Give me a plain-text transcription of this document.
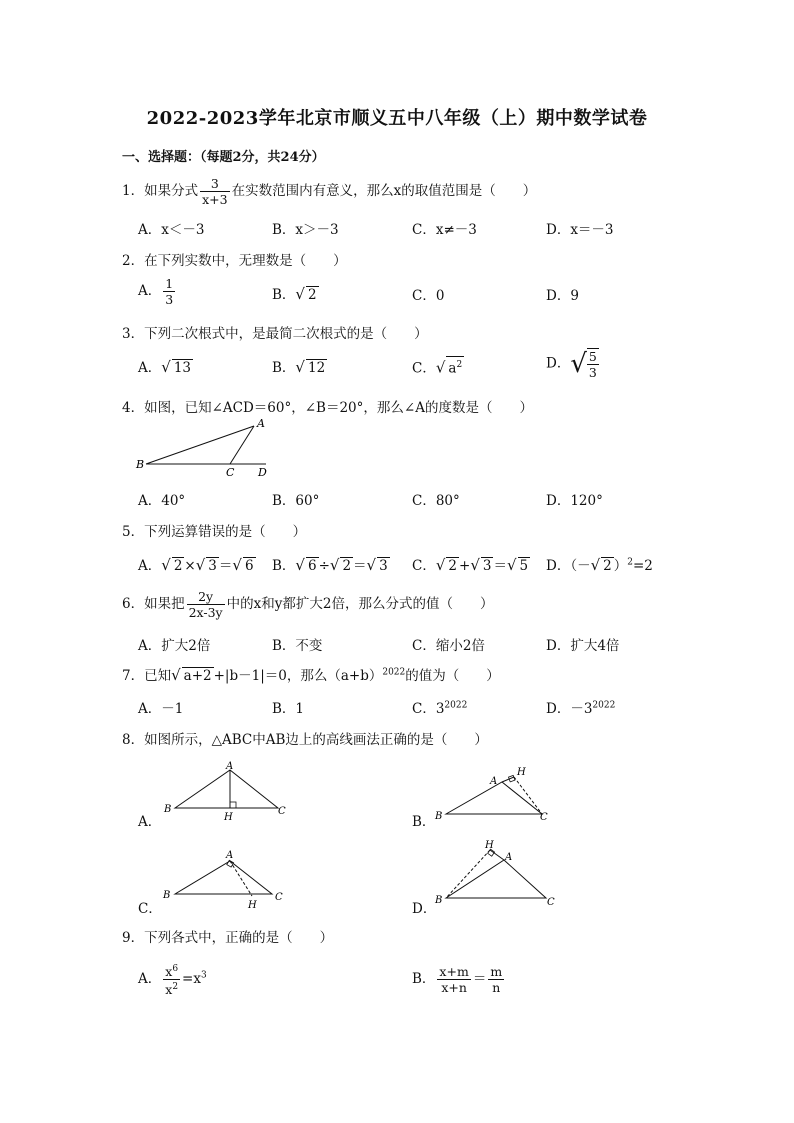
2022-2023学年北京市顺义五中八年级（上）期中数学试卷
一、选择题：（每题2分，共24分）
1．如果分式 $\frac{3}{x+3}$ 在实数范围内有意义，那么x的取值范围是（　　）
A．x＜－3	B．x＞－3	C．x≠－3	D．x＝－3
2．在下列实数中，无理数是（　　）
A． $\frac{1}{3}$	B．√ 2	C．0	D．9
3．下列二次根式中，是最简二次根式的是（　　）
A．√ 13	B．√ 12	C．√ $a^2$	D．√ $\frac{5}{3}$
4．如图，已知∠ACD＝60°，∠B＝20°，那么∠A的度数是（　　）
A
B
C D
A．40°	B．60°	C．80°	D．120°
5．下列运算错误的是（　　）
A．√ 2 ×√ 3 ＝√ 6 B．√ 6 ÷√ 2 ＝√ 3 C．√ 2 +√ 3 ＝√ 5 D．（－√ 2 ）$^2$=2
6．如果把 $\frac{2y}{2x-3y}$ 中的x和y都扩大2倍，那么分式的值（　　）
A．扩大2倍	B．不变	C．缩小2倍	D．扩大4倍
7．已知√ a+2 +|b－1|＝0，那么$(a+b)^{2022}$的值为（　　）
A．－1	B．1	C．$3^{2022}$	D．$-3^{2022}$
8．如图所示，△ABC中AB边上的高线画法正确的是（　　）
A．
A
B	C
H	B．
A
B	C
H
C．
A
B	C
H	D．
A
B	C
H
9．下列各式中，正确的是（　　）
A． $\frac{x^6}{x^2} =x^3$	B． $\frac{x+m}{x+n} = \frac{m}{n}$
